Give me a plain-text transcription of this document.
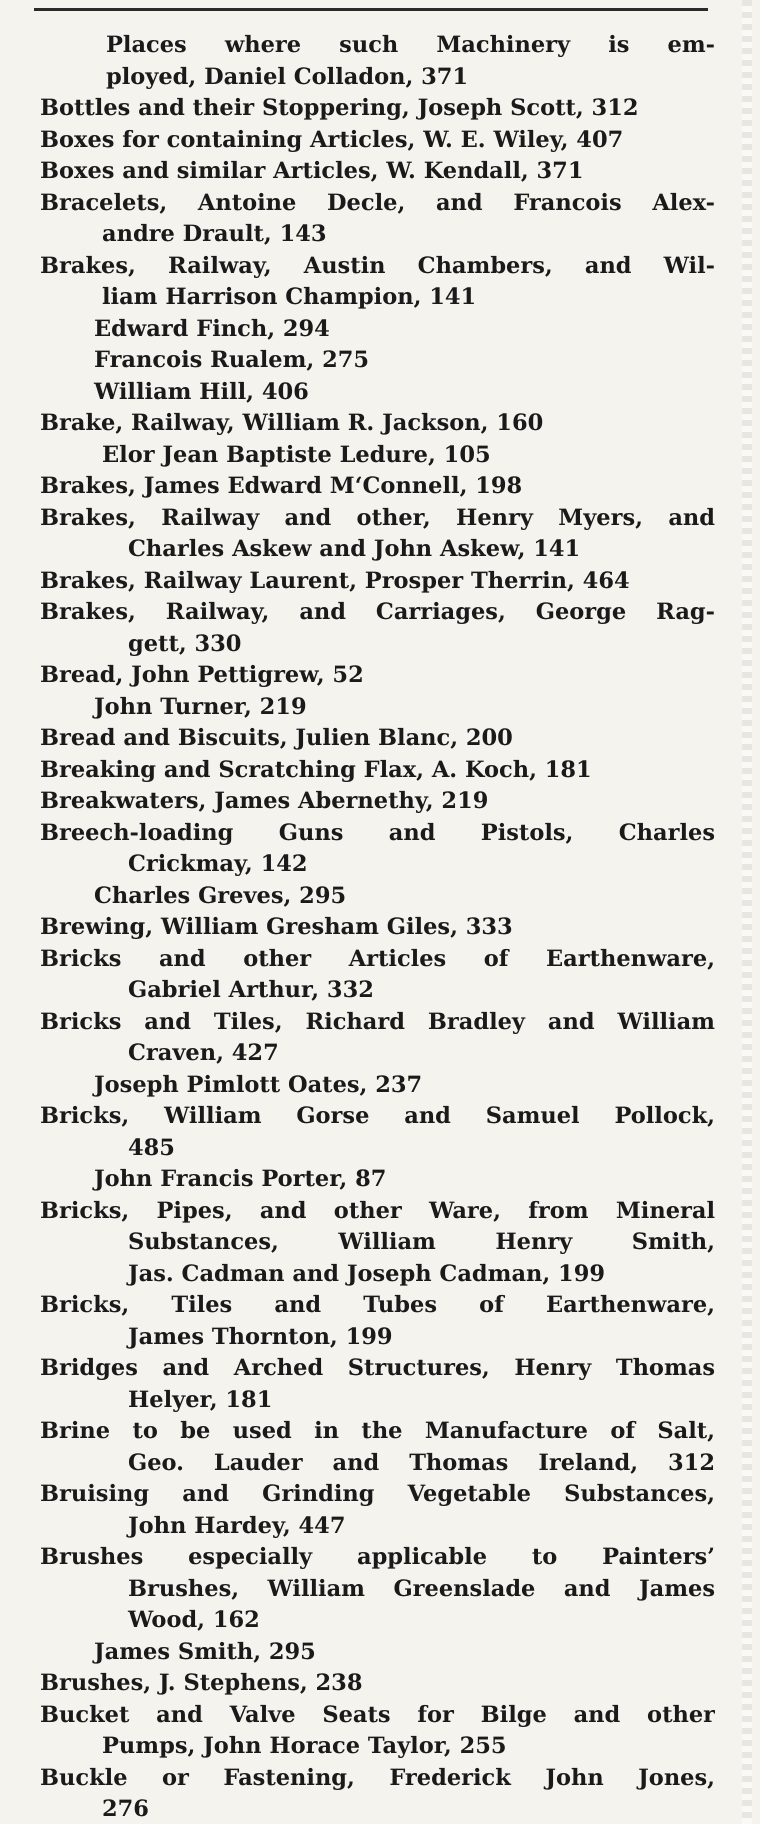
Places where such Machinery is em-
ployed, Daniel Colladon, 371
Bottles and their Stoppering, Joseph Scott, 312
Boxes for containing Articles, W. E. Wiley, 407
Boxes and similar Articles, W. Kendall, 371
Bracelets, Antoine Decle, and Francois Alex-
andre Drault, 143
Brakes, Railway, Austin Chambers, and Wil-
liam Harrison Champion, 141
Edward Finch, 294
Francois Rualem, 275
William Hill, 406
Brake, Railway, William R. Jackson, 160
Elor Jean Baptiste Ledure, 105
Brakes, James Edward M‘Connell, 198
Brakes, Railway and other, Henry Myers, and
Charles Askew and John Askew, 141
Brakes, Railway Laurent, Prosper Therrin, 464
Brakes, Railway, and Carriages, George Rag-
gett, 330
Bread, John Pettigrew, 52
John Turner, 219
Bread and Biscuits, Julien Blanc, 200
Breaking and Scratching Flax, A. Koch, 181
Breakwaters, James Abernethy, 219
Breech-loading Guns and Pistols, Charles
Crickmay, 142
Charles Greves, 295
Brewing, William Gresham Giles, 333
Bricks and other Articles of Earthenware,
Gabriel Arthur, 332
Bricks and Tiles, Richard Bradley and William
Craven, 427
Joseph Pimlott Oates, 237
Bricks, William Gorse and Samuel Pollock,
485
John Francis Porter, 87
Bricks, Pipes, and other Ware, from Mineral
Substances, William Henry Smith,
Jas. Cadman and Joseph Cadman, 199
Bricks, Tiles and Tubes of Earthenware,
James Thornton, 199
Bridges and Arched Structures, Henry Thomas
Helyer, 181
Brine to be used in the Manufacture of Salt,
Geo. Lauder and Thomas Ireland, 312
Bruising and Grinding Vegetable Substances,
John Hardey, 447
Brushes especially applicable to Painters’
Brushes, William Greenslade and James
Wood, 162
James Smith, 295
Brushes, J. Stephens, 238
Bucket and Valve Seats for Bilge and other
Pumps, John Horace Taylor, 255
Buckle or Fastening, Frederick John Jones,
276
